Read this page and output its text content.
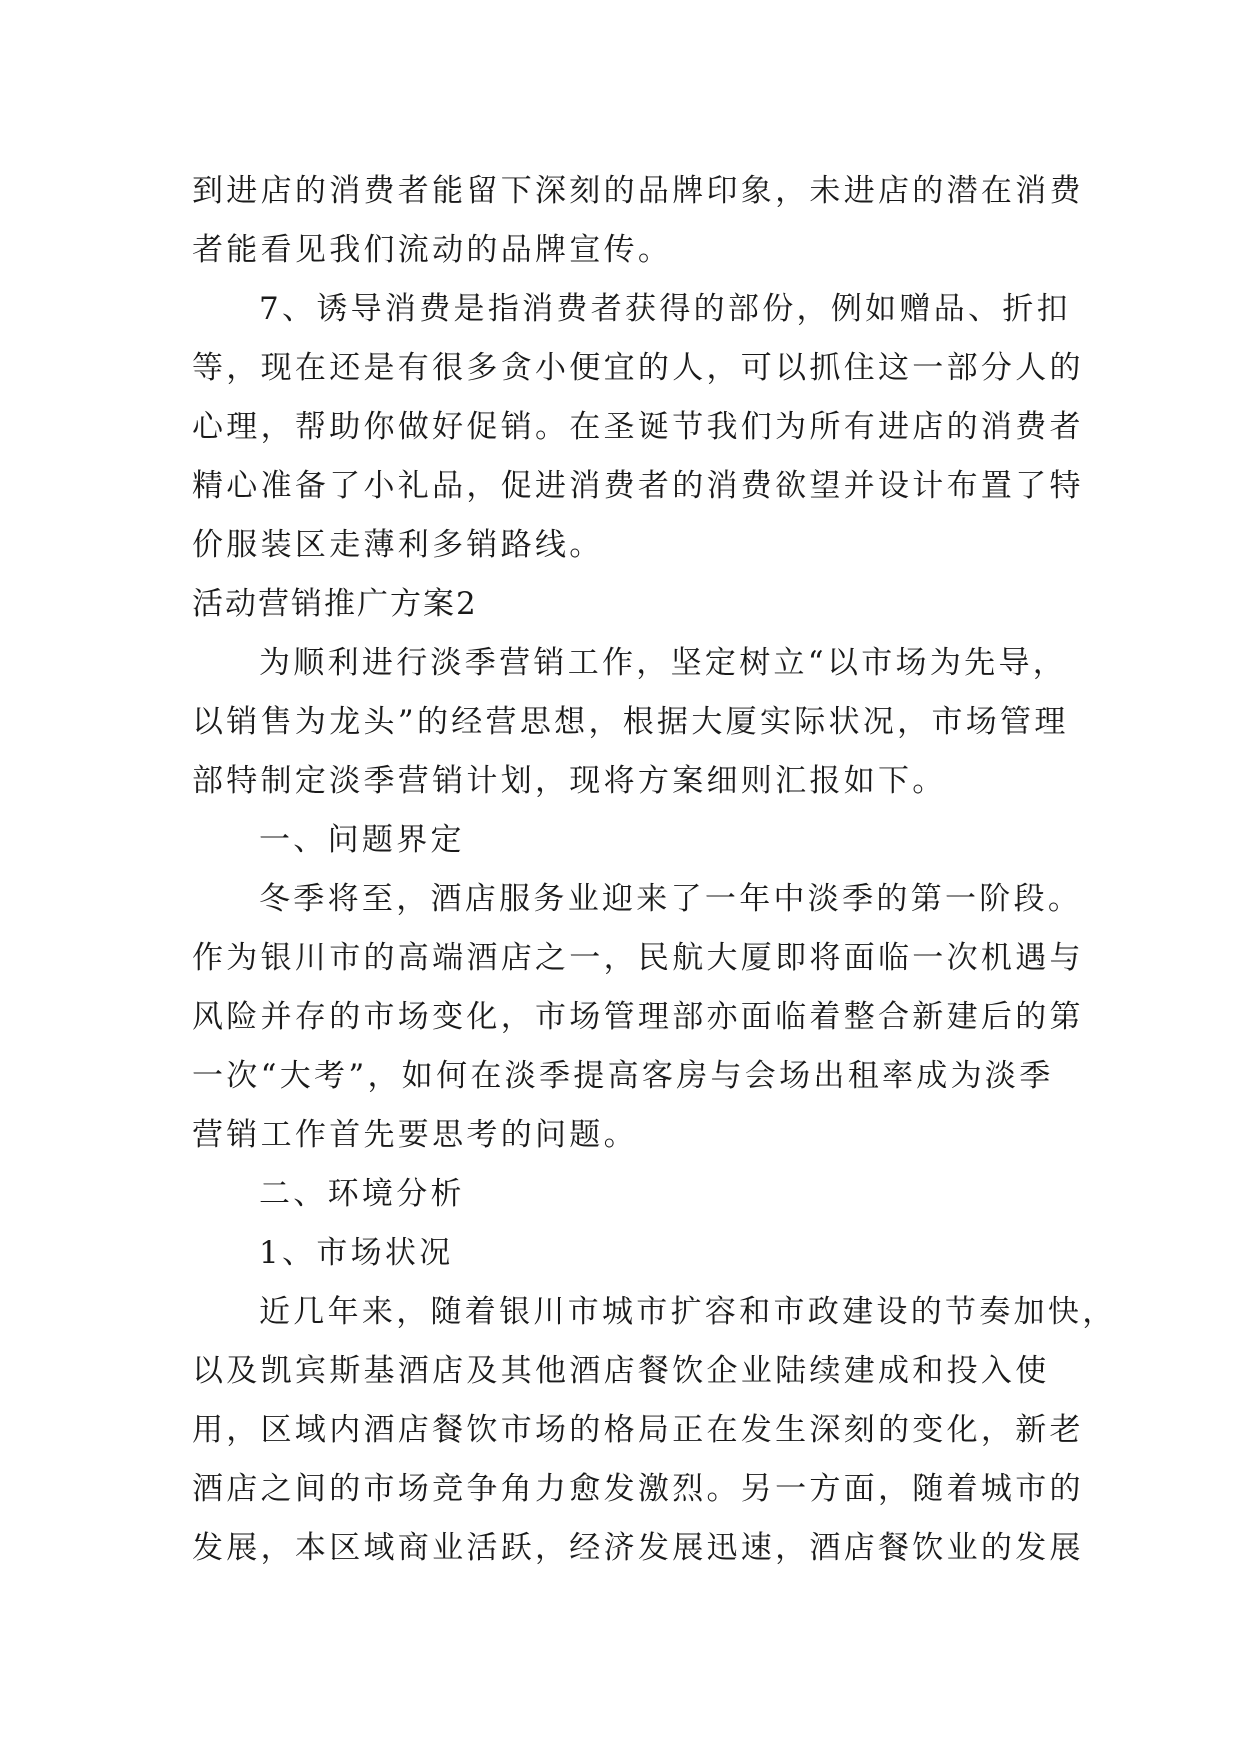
到进店的消费者能留下深刻的品牌印象，未进店的潜在消费
者能看见我们流动的品牌宣传。
7、诱导消费是指消费者获得的部份，例如赠品、折扣
等，现在还是有很多贪小便宜的人，可以抓住这一部分人的
心理，帮助你做好促销。在圣诞节我们为所有进店的消费者
精心准备了小礼品，促进消费者的消费欲望并设计布置了特
价服装区走薄利多销路线。
活动营销推广方案2
为顺利进行淡季营销工作，坚定树立“以市场为先导，
以销售为龙头”的经营思想，根据大厦实际状况，市场管理
部特制定淡季营销计划，现将方案细则汇报如下。
一、问题界定
冬季将至，酒店服务业迎来了一年中淡季的第一阶段。
作为银川市的高端酒店之一，民航大厦即将面临一次机遇与
风险并存的市场变化，市场管理部亦面临着整合新建后的第
一次“大考”，如何在淡季提高客房与会场出租率成为淡季
营销工作首先要思考的问题。
二、环境分析
1、市场状况
近几年来，随着银川市城市扩容和市政建设的节奏加快，
以及凯宾斯基酒店及其他酒店餐饮企业陆续建成和投入使
用，区域内酒店餐饮市场的格局正在发生深刻的变化，新老
酒店之间的市场竞争角力愈发激烈。另一方面，随着城市的
发展，本区域商业活跃，经济发展迅速，酒店餐饮业的发展
